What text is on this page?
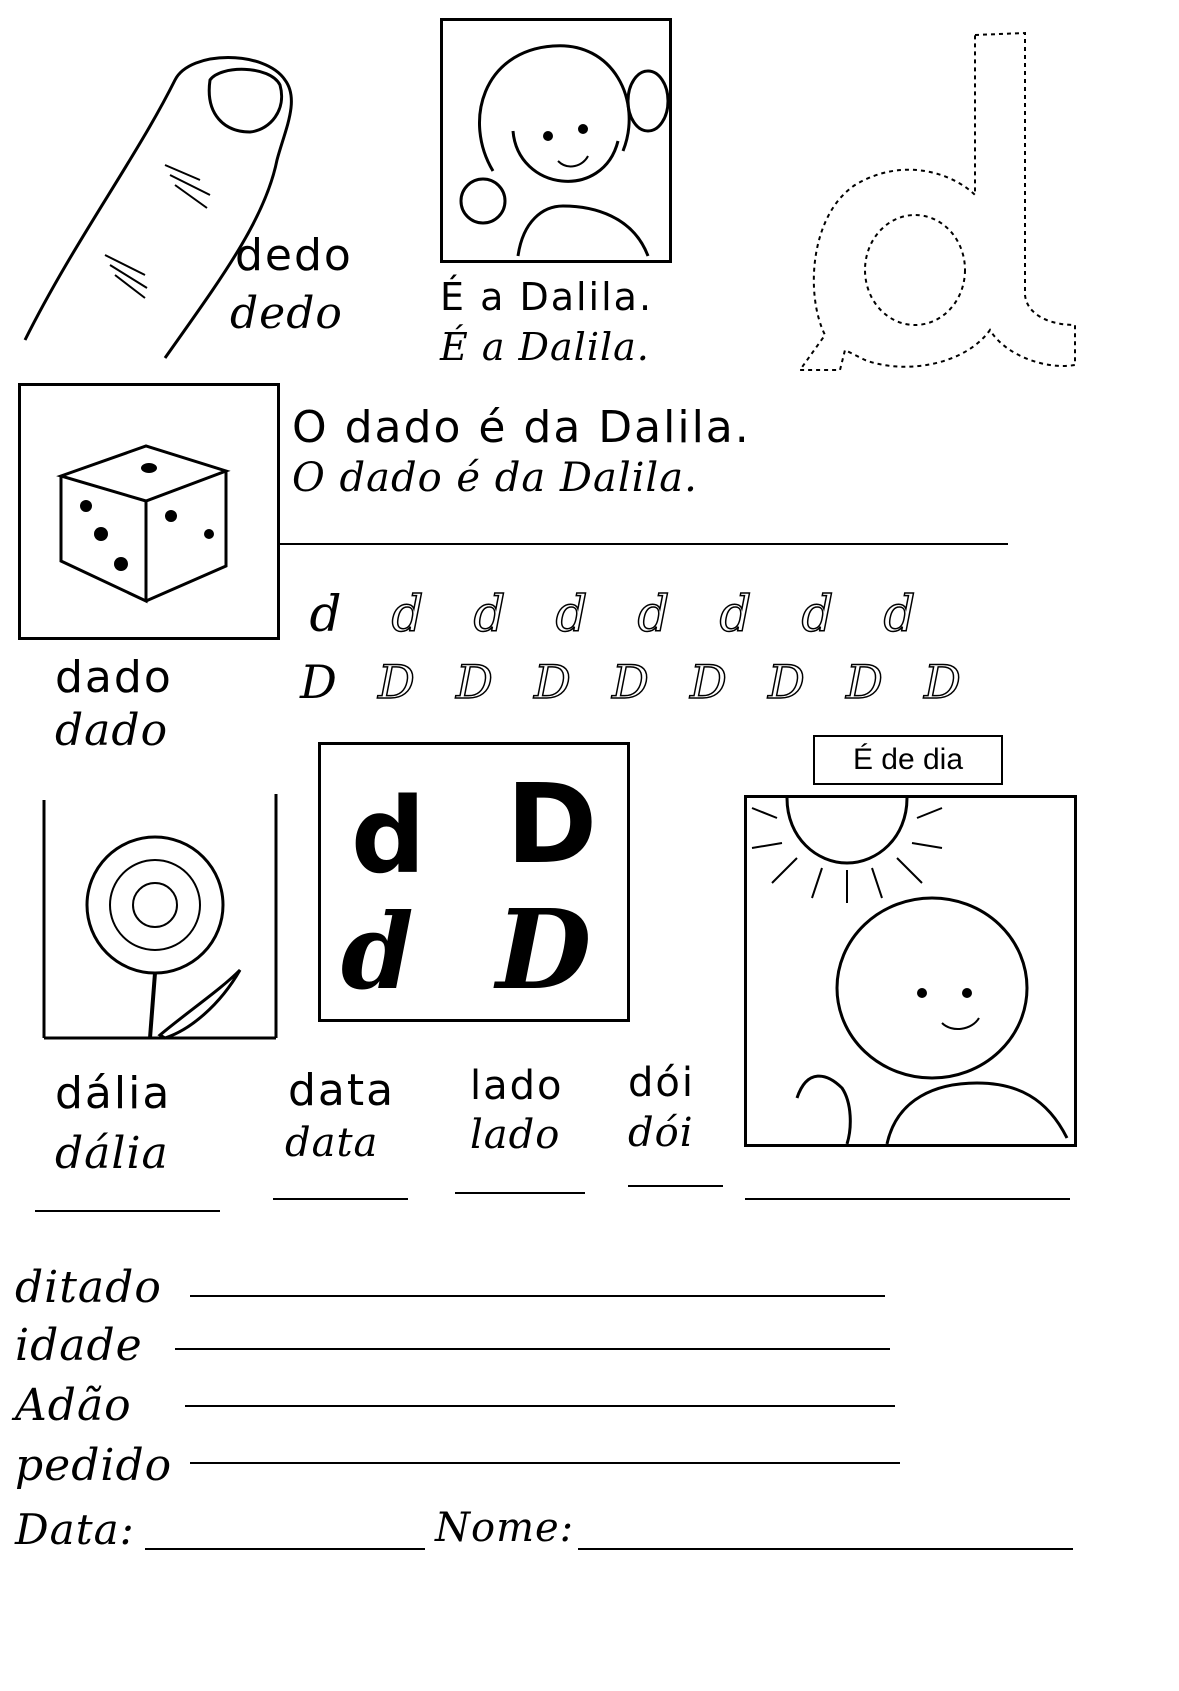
dedo
dedo	É a Dalila.
É a Dalila.
O dado é da Dalila.
O dado é da Dalila.
d d d d d d d d
D D D D D D D D D
dado
dado
d D
d D
É de dia
dália
dália
data
data
lado
lado
dói
dói
ditado
idade
Adão
pedido
Data:	Nome:
